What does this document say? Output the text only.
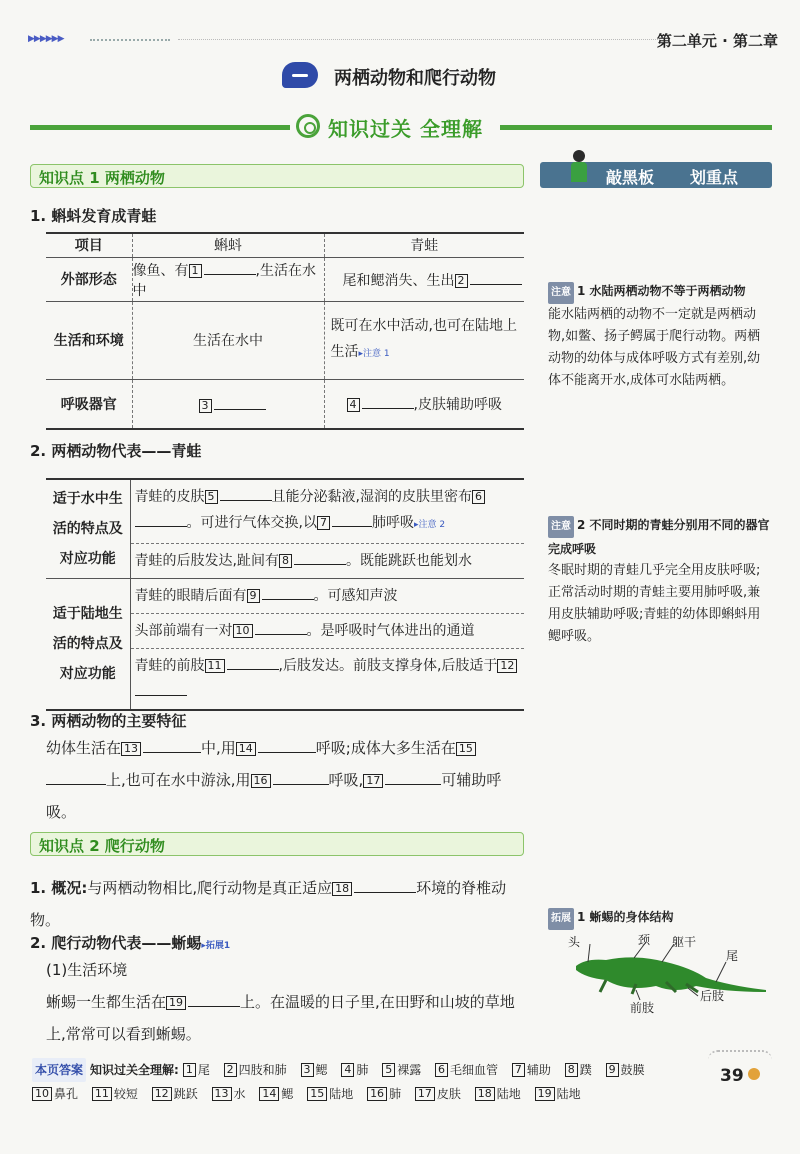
▶▶▶▶▶▶	第二单元 · 第二章
两栖动物和爬行动物
知识过关 全理解
知识点 1 两栖动物
1. 蝌蚪发育成青蛙
项目	蝌蚪	青蛙
外部形态	像鱼、有 1 ,生活在水中	尾和鳃消失、生出 2
生活和环境	生活在水中	既可在水中活动,也可在陆地上生活▸注意 1
呼吸器官	3	4 ,皮肤辅助呼吸
2. 两栖动物代表——青蛙
适于水中生活的特点及对应功能	青蛙的皮肤 5 且能分泌黏液,湿润的皮肤里密布 6。可进行气体交换,以 7 肺呼吸▸注意 2
	青蛙的后肢发达,趾间有 8 。既能跳跃也能划水
适于陆地生活的特点及对应功能	青蛙的眼睛后面有 9 。可感知声波
	头部前端有一对 10 。是呼吸时气体进出的通道
	青蛙的前肢 11 ,后肢发达。前肢支撑身体,后肢适于 12
3. 两栖动物的主要特征
幼体生活在 13	中,用 14	呼吸;成体大多生活在 15上,也可在水中游泳,用 16	呼吸, 17	可辅助呼吸。
知识点 2 爬行动物
1. 概况:与两栖动物相比,爬行动物是真正适应 18	环境的脊椎动物。
2. 爬行动物代表——蜥蜴▸拓展1
(1)生活环境
蜥蜴一生都生活在 19	上。在温暖的日子里,在田野和山坡的草地上,常常可以看到蜥蜴。
敲黑板 划重点
注意 1 水陆两栖动物不等于两栖动物
能水陆两栖的动物不一定就是两栖动物,如鳖、扬子鳄属于爬行动物。两栖动物的幼体与成体呼吸方式有差别,幼体不能离开水,成体可水陆两栖。
注意 2 不同时期的青蛙分别用不同的器官完成呼吸
冬眠时期的青蛙几乎完全用皮肤呼吸;正常活动时期的青蛙主要用肺呼吸,兼用皮肤辅助呼吸;青蛙的幼体即蝌蚪用鳃呼吸。
拓展 1 蜥蜴的身体结构
头	颈 躯干
尾
前肢
后肢
本页答案 知识过关全理解: 1 尾 2 四肢和肺 3 鳃 4 肺 5 裸露 6 毛细血管 7 辅助 8 蹼 9 鼓膜 10 鼻孔 11 较短 12 跳跃 13 水 14 鳃 15 陆地 16 肺 17 皮肤 18 陆地 19 陆地
39
